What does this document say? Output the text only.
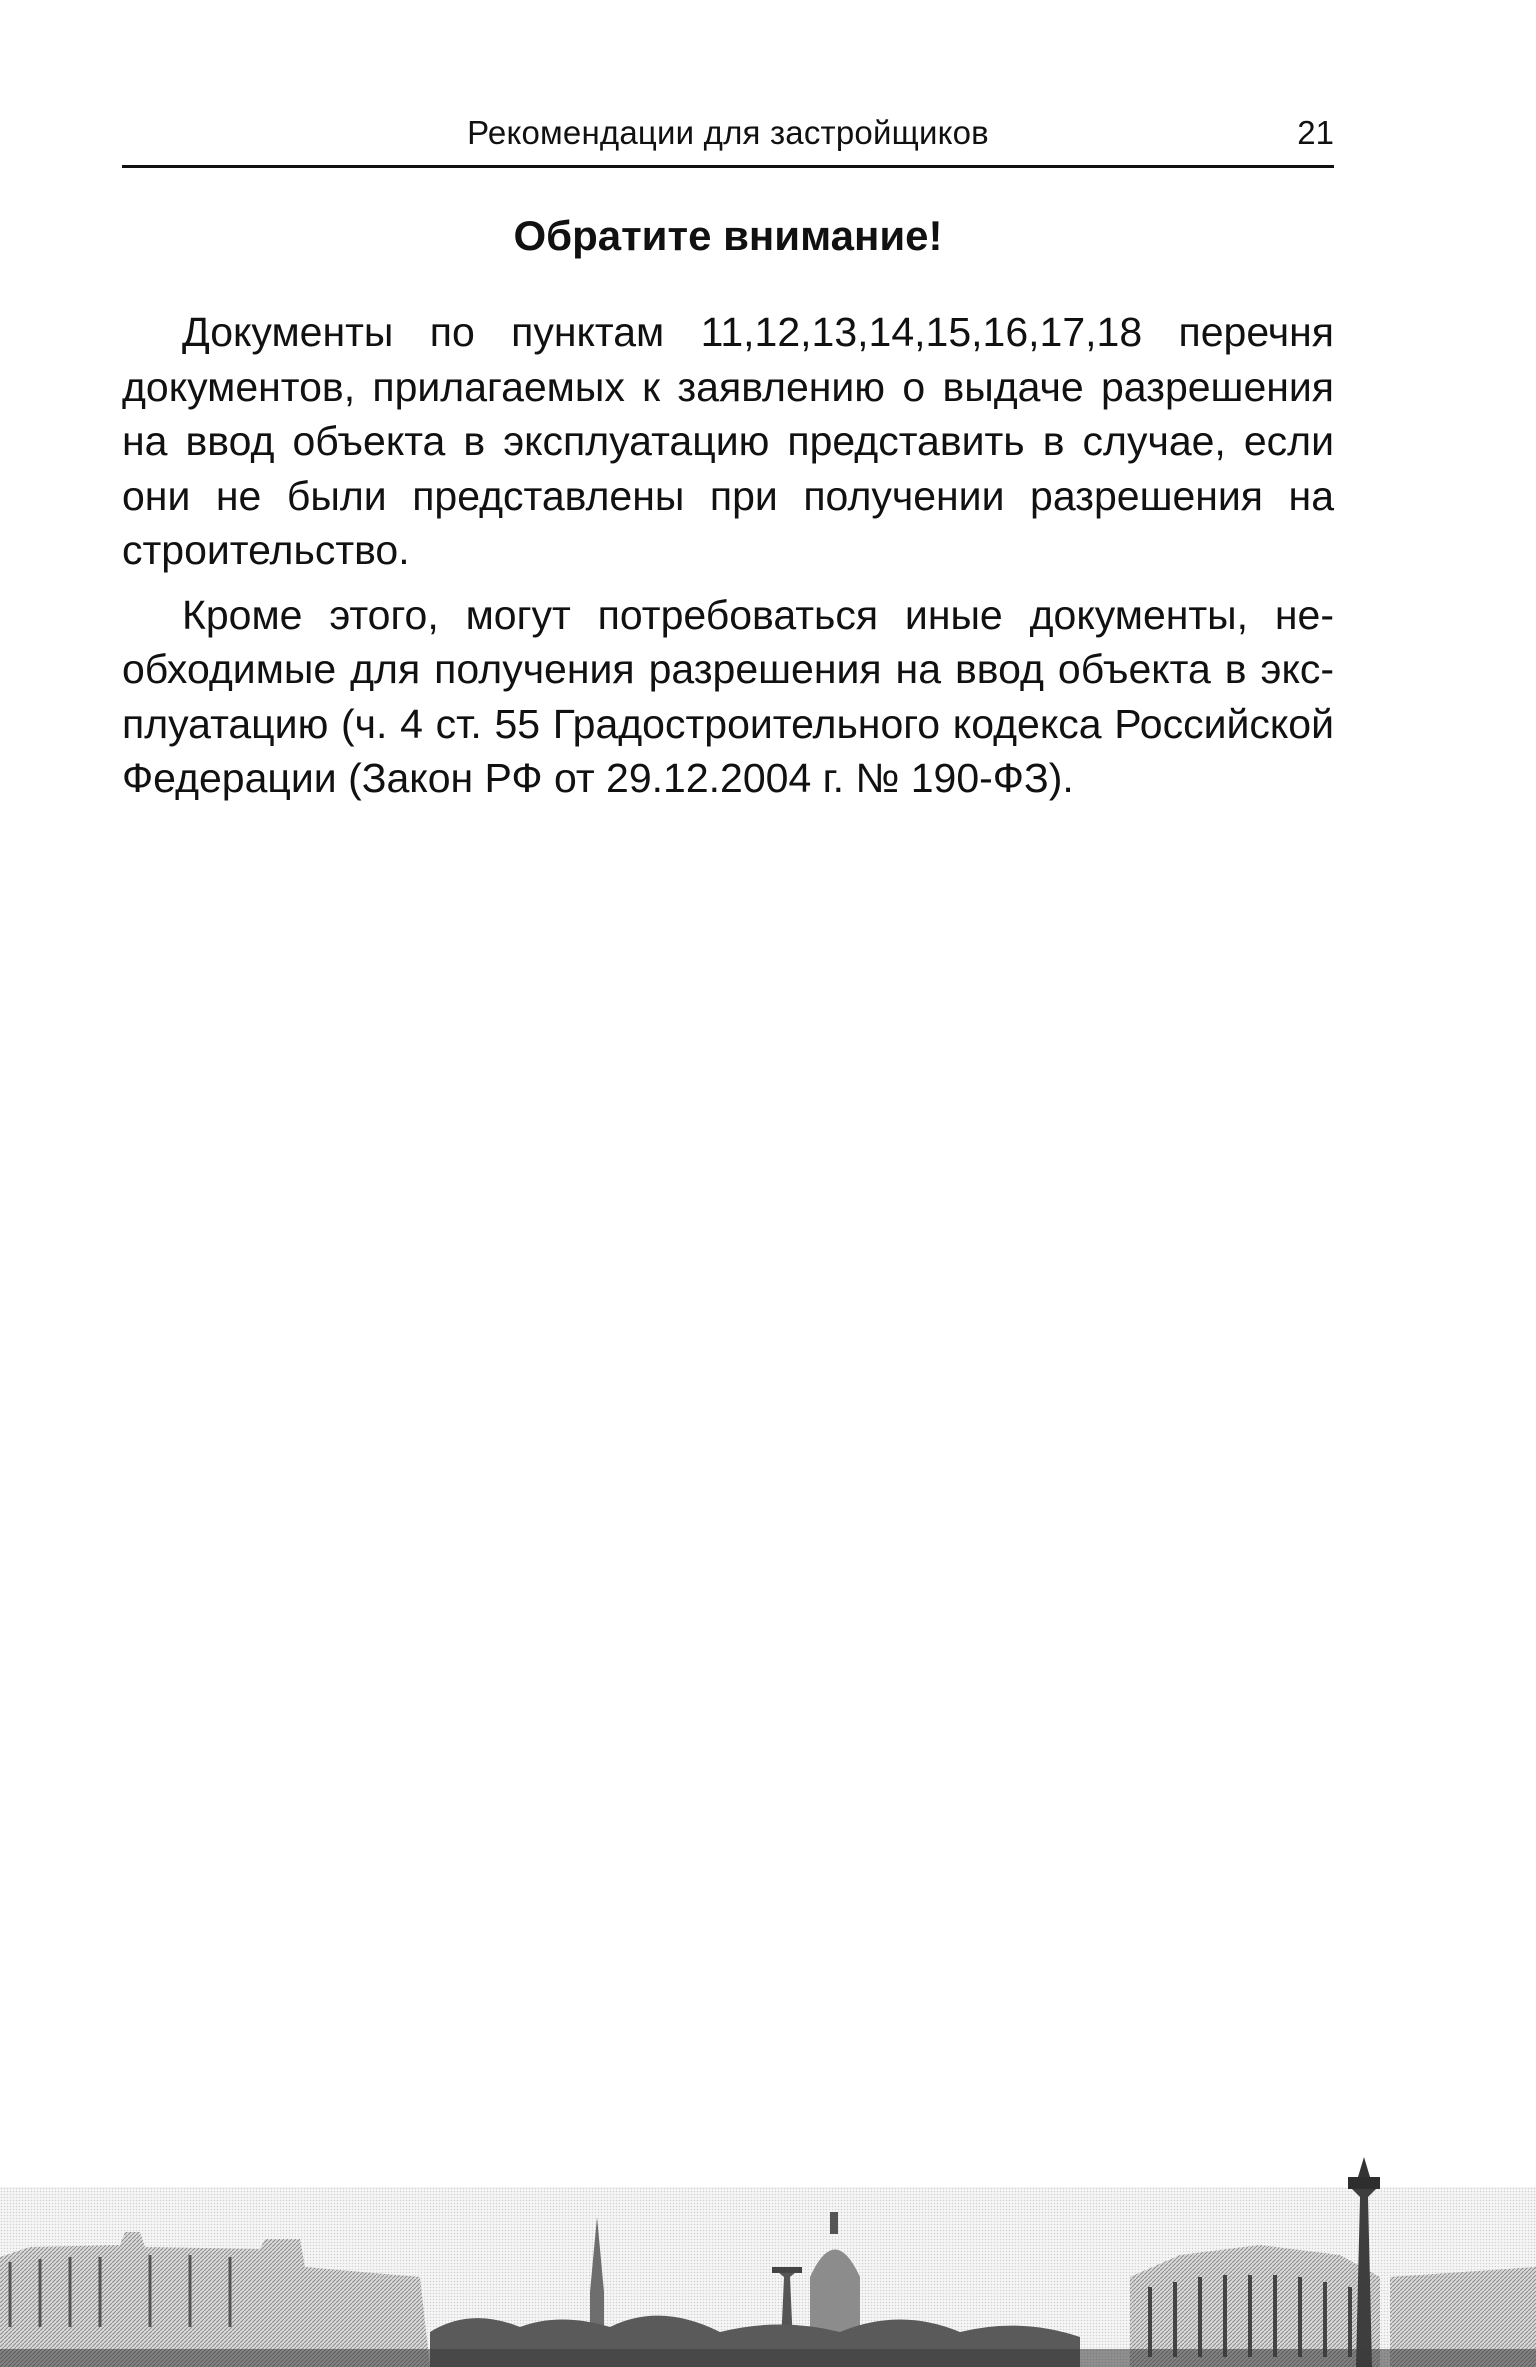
Рекомендации для застройщиков	21
Обратите внимание!

Документы по пунктам 11,12,13,14,15,16,17,18 перечня документов, прилагаемых к заявлению о выдаче разрешения на ввод объекта в эксплуатацию представить в случае, если они не были представлены при получении разрешения на строительство.

Кроме этого, могут потребоваться иные документы, необходимые для получения разрешения на ввод объекта в эксплуатацию (ч. 4 ст. 55 Градостроительного кодекса Российской Федерации (Закон РФ от 29.12.2004 г. № 190-ФЗ).
